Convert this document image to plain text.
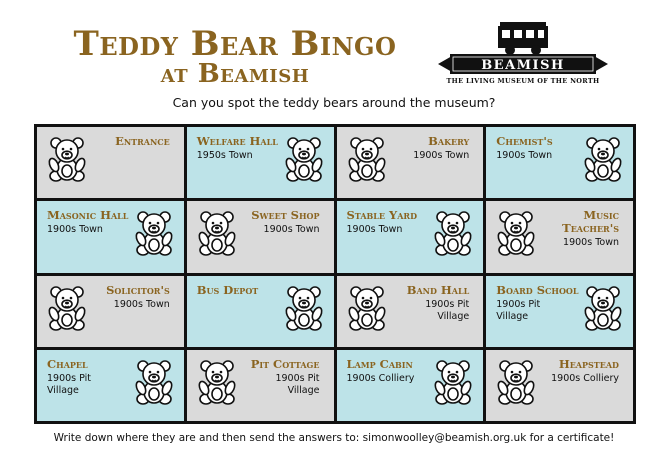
Teddy Bear Bingo
at Beamish	BEAMISH
THE LIVING MUSEUM OF THE NORTH
Can you spot the teddy bears around the museum?
Entrance Welfare Hall
1950s Town
Bakery
1900s Town
Chemist's
1900s Town
Masonic Hall
1900s Town
Sweet Shop
1900s Town
Stable Yard
1900s Town
Music Teacher's
1900s Town
Solicitor's
1900s Town
Bus Depot	Band Hall
1900s Pit Village
Board School
1900s Pit Village
Chapel
1900s Pit Village
Pit Cottage
1900s Pit Village
Lamp Cabin
1900s Colliery
Heapstead
1900s Colliery
Write down where they are and then send the answers to: simonwoolley@beamish.org.uk for a certificate!
